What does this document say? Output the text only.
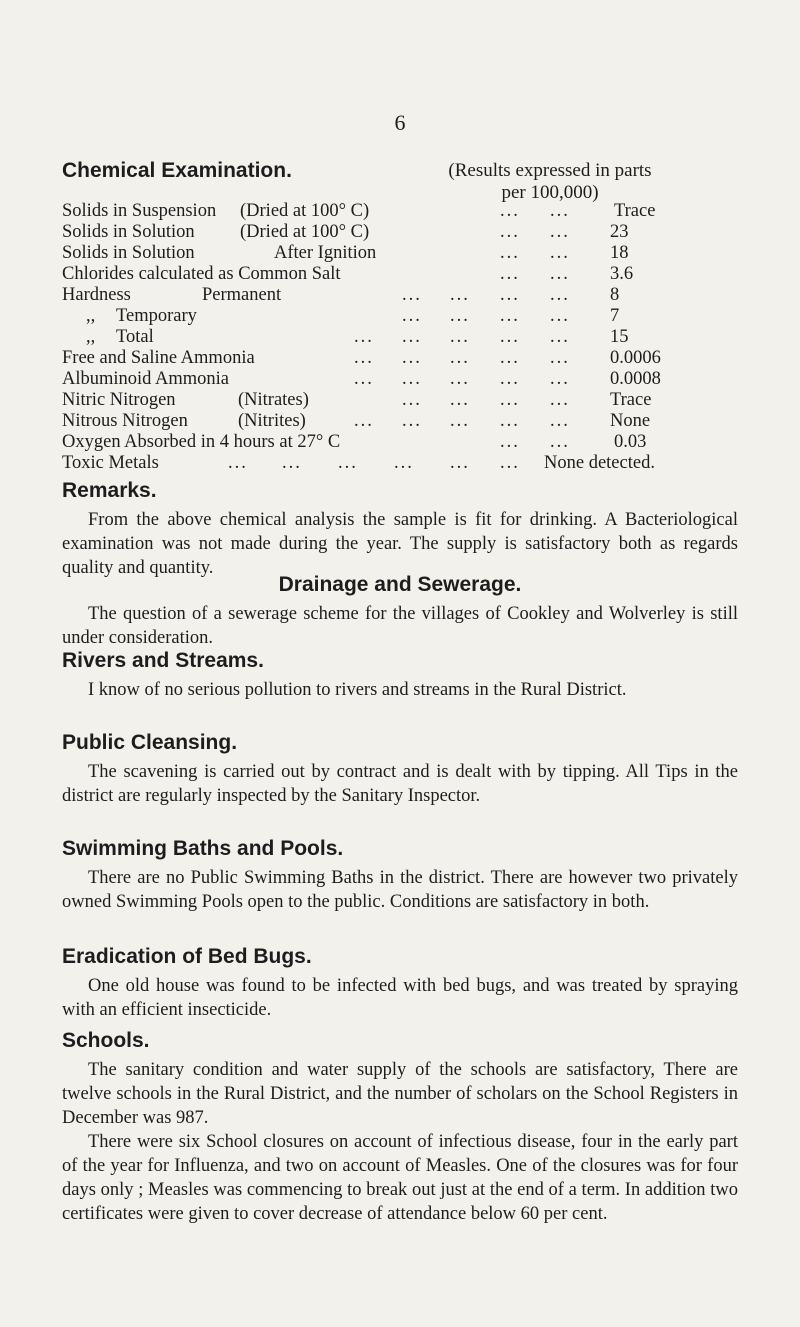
6
Chemical Examination.	(Results expressed in parts
per 100,000)
Solids in Suspension (Dried at 100° C)	... ... Trace
Solids in Solution (Dried at 100° C)	... ... 23
Solids in Solution	After Ignition	... ... 18
Chlorides calculated as Common Salt	... ... 3.6
Hardness	Permanent	... ... ... ... 8
,, Temporary	... ... ... ... 7
,, Total	... ... ... ... ... 15
Free and Saline Ammonia	... ... ... ... ... 0.0006
Albuminoid Ammonia	... ... ... ... ... 0.0008
Nitric Nitrogen	(Nitrates)	... ... ... ... Trace
Nitrous Nitrogen	(Nitrites)	... ... ... ... ... None
Oxygen Absorbed in 4 hours at 27° C	... ... 0.03
Toxic Metals	... ... ... ... ... ... None detected.
Remarks.

From the above chemical analysis the sample is fit for drinking. A Bacteriological examination was not made during the year. The supply is satisfactory both as regards quality and quantity.

Drainage and Sewerage.

The question of a sewerage scheme for the villages of Cookley and Wolverley is still under consideration.

Rivers and Streams.

I know of no serious pollution to rivers and streams in the Rural District.

Public Cleansing.

The scavening is carried out by contract and is dealt with by tipping. All Tips in the district are regularly inspected by the Sanitary Inspector.

Swimming Baths and Pools.

There are no Public Swimming Baths in the district. There are however two privately owned Swimming Pools open to the public. Conditions are satisfactory in both.

Eradication of Bed Bugs.

One old house was found to be infected with bed bugs, and was treated by spraying with an efficient insecticide.

Schools.

The sanitary condition and water supply of the schools are satisfactory, There are twelve schools in the Rural District, and the number of scholars on the School Registers in December was 987.

There were six School closures on account of infectious disease, four in the early part of the year for Influenza, and two on account of Measles. One of the closures was for four days only ; Measles was commencing to break out just at the end of a term. In addition two certificates were given to cover decrease of attendance below 60 per cent.
